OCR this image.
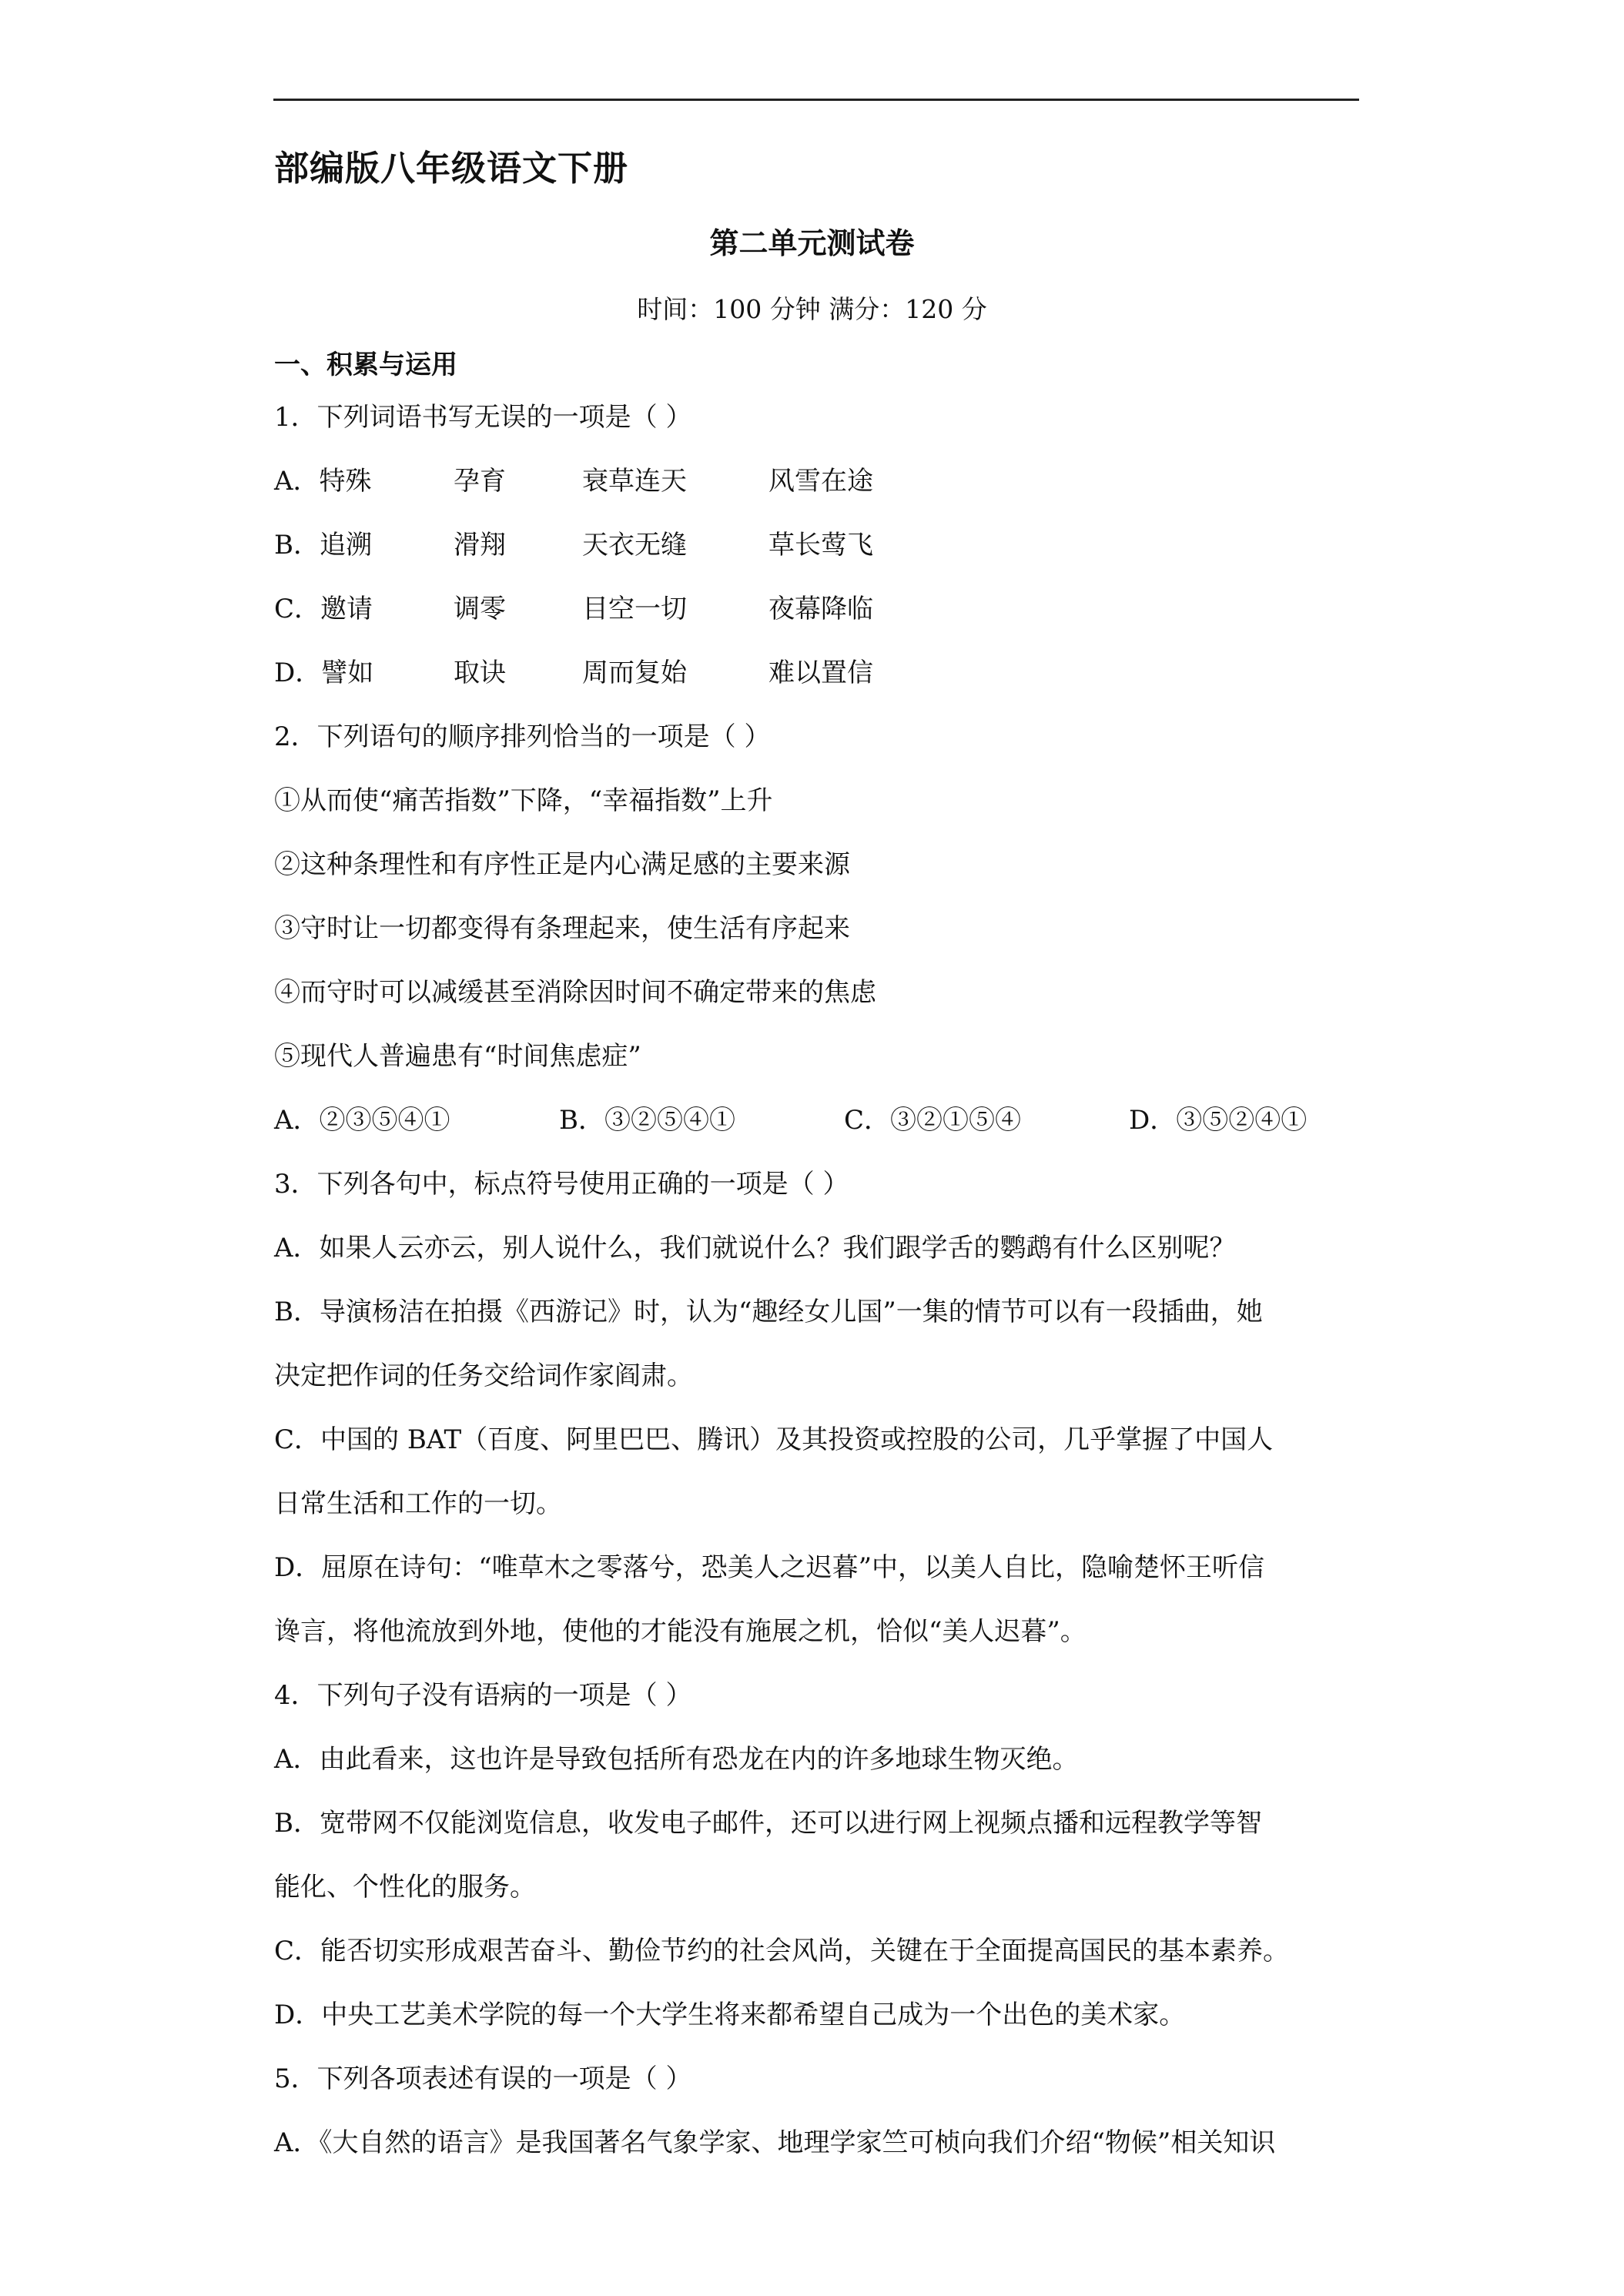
部编版八年级语文下册
第二单元测试卷
时间：100 分钟 满分：120 分
一、积累与运用
1．下列词语书写无误的一项是（ ）
A．特殊	孕育	衰草连天	风雪在途
B．追溯	滑翔	天衣无缝	草长莺飞
C．邀请	调零	目空一切	夜幕降临
D．譬如	取诀	周而复始	难以置信
2．下列语句的顺序排列恰当的一项是（ ）
①从而使“痛苦指数”下降，“幸福指数”上升
②这种条理性和有序性正是内心满足感的主要来源
③守时让一切都变得有条理起来，使生活有序起来
④而守时可以减缓甚至消除因时间不确定带来的焦虑
⑤现代人普遍患有“时间焦虑症”
A．②③⑤④①	B．③②⑤④①	C．③②①⑤④	D．③⑤②④①
3．下列各句中，标点符号使用正确的一项是（ ）
A．如果人云亦云，别人说什么，我们就说什么？我们跟学舌的鹦鹉有什么区别呢？
B．导演杨洁在拍摄《西游记》时，认为“趣经女儿国”一集的情节可以有一段插曲，她
决定把作词的任务交给词作家阎肃。
C．中国的 BAT（百度、阿里巴巴、腾讯）及其投资或控股的公司，几乎掌握了中国人
日常生活和工作的一切。
D．屈原在诗句：“唯草木之零落兮，恐美人之迟暮”中，以美人自比，隐喻楚怀王听信
谗言，将他流放到外地，使他的才能没有施展之机，恰似“美人迟暮”。
4．下列句子没有语病的一项是（ ）
A．由此看来，这也许是导致包括所有恐龙在内的许多地球生物灭绝。
B．宽带网不仅能浏览信息，收发电子邮件，还可以进行网上视频点播和远程教学等智
能化、个性化的服务。
C．能否切实形成艰苦奋斗、勤俭节约的社会风尚，关键在于全面提高国民的基本素养。
D．中央工艺美术学院的每一个大学生将来都希望自己成为一个出色的美术家。
5．下列各项表述有误的一项是（ ）
A．《大自然的语言》是我国著名气象学家、地理学家竺可桢向我们介绍“物候”相关知识
